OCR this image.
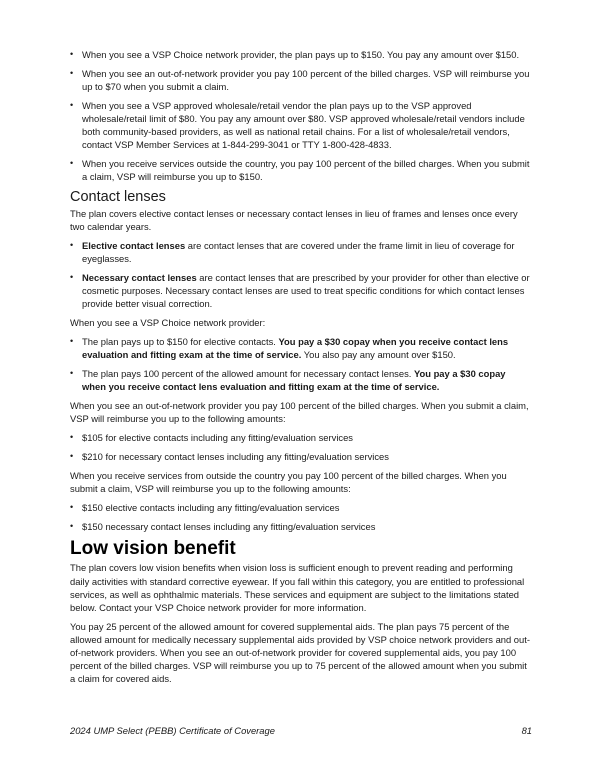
• When you see a VSP Choice network provider, the plan pays up to $150. You pay any amount over $150.
• When you see an out-of-network provider you pay 100 percent of the billed charges. VSP will reimburse you up to $70 when you submit a claim.
• When you see a VSP approved wholesale/retail vendor the plan pays up to the VSP approved wholesale/retail limit of $80. You pay any amount over $80. VSP approved wholesale/retail vendors include both community-based providers, as well as national retail chains. For a list of wholesale/retail vendors, contact VSP Member Services at 1-844-299-3041 or TTY 1-800-428-4833.
• When you receive services outside the country, you pay 100 percent of the billed charges. When you submit a claim, VSP will reimburse you up to $150.
Contact lenses

The plan covers elective contact lenses or necessary contact lenses in lieu of frames and lenses once every two calendar years.

• Elective contact lenses are contact lenses that are covered under the frame limit in lieu of coverage for eyeglasses.
• Necessary contact lenses are contact lenses that are prescribed by your provider for other than elective or cosmetic purposes. Necessary contact lenses are used to treat specific conditions for which contact lenses provide better visual correction.

When you see a VSP Choice network provider:

• The plan pays up to $150 for elective contacts. You pay a $30 copay when you receive contact lens evaluation and fitting exam at the time of service. You also pay any amount over $150.
• The plan pays 100 percent of the allowed amount for necessary contact lenses. You pay a $30 copay when you receive contact lens evaluation and fitting exam at the time of service.

When you see an out-of-network provider you pay 100 percent of the billed charges. When you submit a claim, VSP will reimburse you up to the following amounts:

• $105 for elective contacts including any fitting/evaluation services
• $210 for necessary contact lenses including any fitting/evaluation services

When you receive services from outside the country you pay 100 percent of the billed charges. When you submit a claim, VSP will reimburse you up to the following amounts:

• $150 elective contacts including any fitting/evaluation services
• $150 necessary contact lenses including any fitting/evaluation services
Low vision benefit

The plan covers low vision benefits when vision loss is sufficient enough to prevent reading and performing daily activities with standard corrective eyewear. If you fall within this category, you are entitled to professional services, as well as ophthalmic materials. These services and equipment are subject to the limitations stated below. Contact your VSP Choice network provider for more information.

You pay 25 percent of the allowed amount for covered supplemental aids. The plan pays 75 percent of the allowed amount for medically necessary supplemental aids provided by VSP choice network providers and out-of-network providers. When you see an out-of-network provider for covered supplemental aids, you pay 100 percent of the billed charges. VSP will reimburse you up to 75 percent of the allowed amount when you submit a claim for covered aids.

2024 UMP Select (PEBB) Certificate of Coverage	81
